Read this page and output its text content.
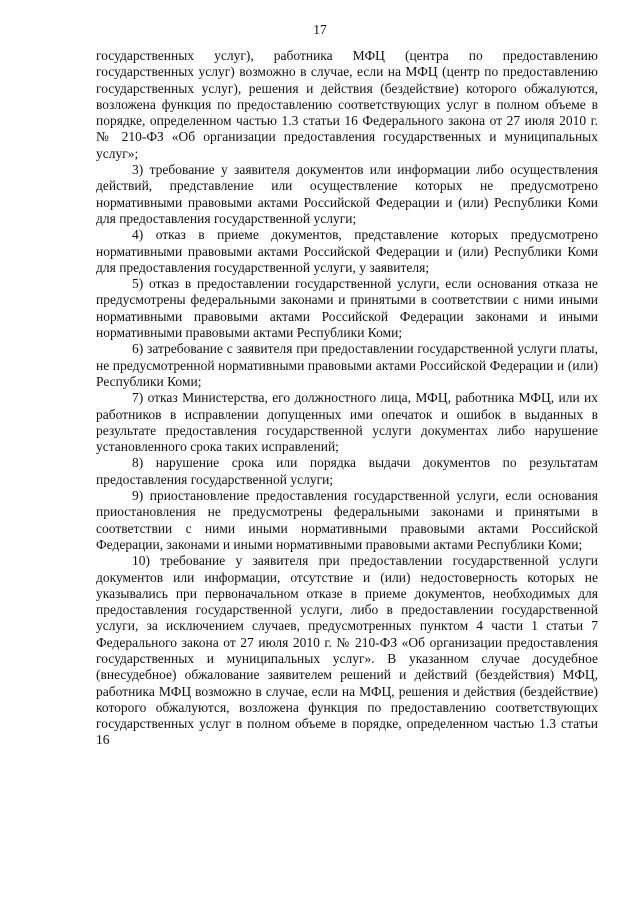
17

государственных услуг), работника МФЦ (центра по предоставлению государственных услуг) возможно в случае, если на МФЦ (центр по предоставлению государственных услуг), решения и действия (бездействие) которого обжалуются, возложена функция по предоставлению соответствующих услуг в полном объеме в порядке, определенном частью 1.3 статьи 16 Федерального закона от 27 июля 2010 г. № 210-ФЗ «Об организации предоставления государственных и муниципальных услуг»;

3) требование у заявителя документов или информации либо осуществления действий, представление или осуществление которых не предусмотрено нормативными правовыми актами Российской Федерации и (или) Республики Коми для предоставления государственной услуги;

4) отказ в приеме документов, представление которых предусмотрено нормативными правовыми актами Российской Федерации и (или) Республики Коми для предоставления государственной услуги, у заявителя;

5) отказ в предоставлении государственной услуги, если основания отказа не предусмотрены федеральными законами и принятыми в соответствии с ними иными нормативными правовыми актами Российской Федерации законами и иными нормативными правовыми актами Республики Коми;

6) затребование с заявителя при предоставлении государственной услуги платы, не предусмотренной нормативными правовыми актами Российской Федерации и (или) Республики Коми;

7) отказ Министерства, его должностного лица, МФЦ, работника МФЦ, или их работников в исправлении допущенных ими опечаток и ошибок в выданных в результате предоставления государственной услуги документах либо нарушение установленного срока таких исправлений;

8) нарушение срока или порядка выдачи документов по результатам предоставления государственной услуги;

9) приостановление предоставления государственной услуги, если основания приостановления не предусмотрены федеральными законами и принятыми в соответствии с ними иными нормативными правовыми актами Российской Федерации, законами и иными нормативными правовыми актами Республики Коми;

10) требование у заявителя при предоставлении государственной услуги документов или информации, отсутствие и (или) недостоверность которых не указывались при первоначальном отказе в приеме документов, необходимых для предоставления государственной услуги, либо в предоставлении государственной услуги, за исключением случаев, предусмотренных пунктом 4 части 1 статьи 7 Федерального закона от 27 июля 2010 г. № 210-ФЗ «Об организации предоставления государственных и муниципальных услуг». В указанном случае досудебное (внесудебное) обжалование заявителем решений и действий (бездействия) МФЦ, работника МФЦ возможно в случае, если на МФЦ, решения и действия (бездействие) которого обжалуются, возложена функция по предоставлению соответствующих государственных услуг в полном объеме в порядке, определенном частью 1.3 статьи 16
